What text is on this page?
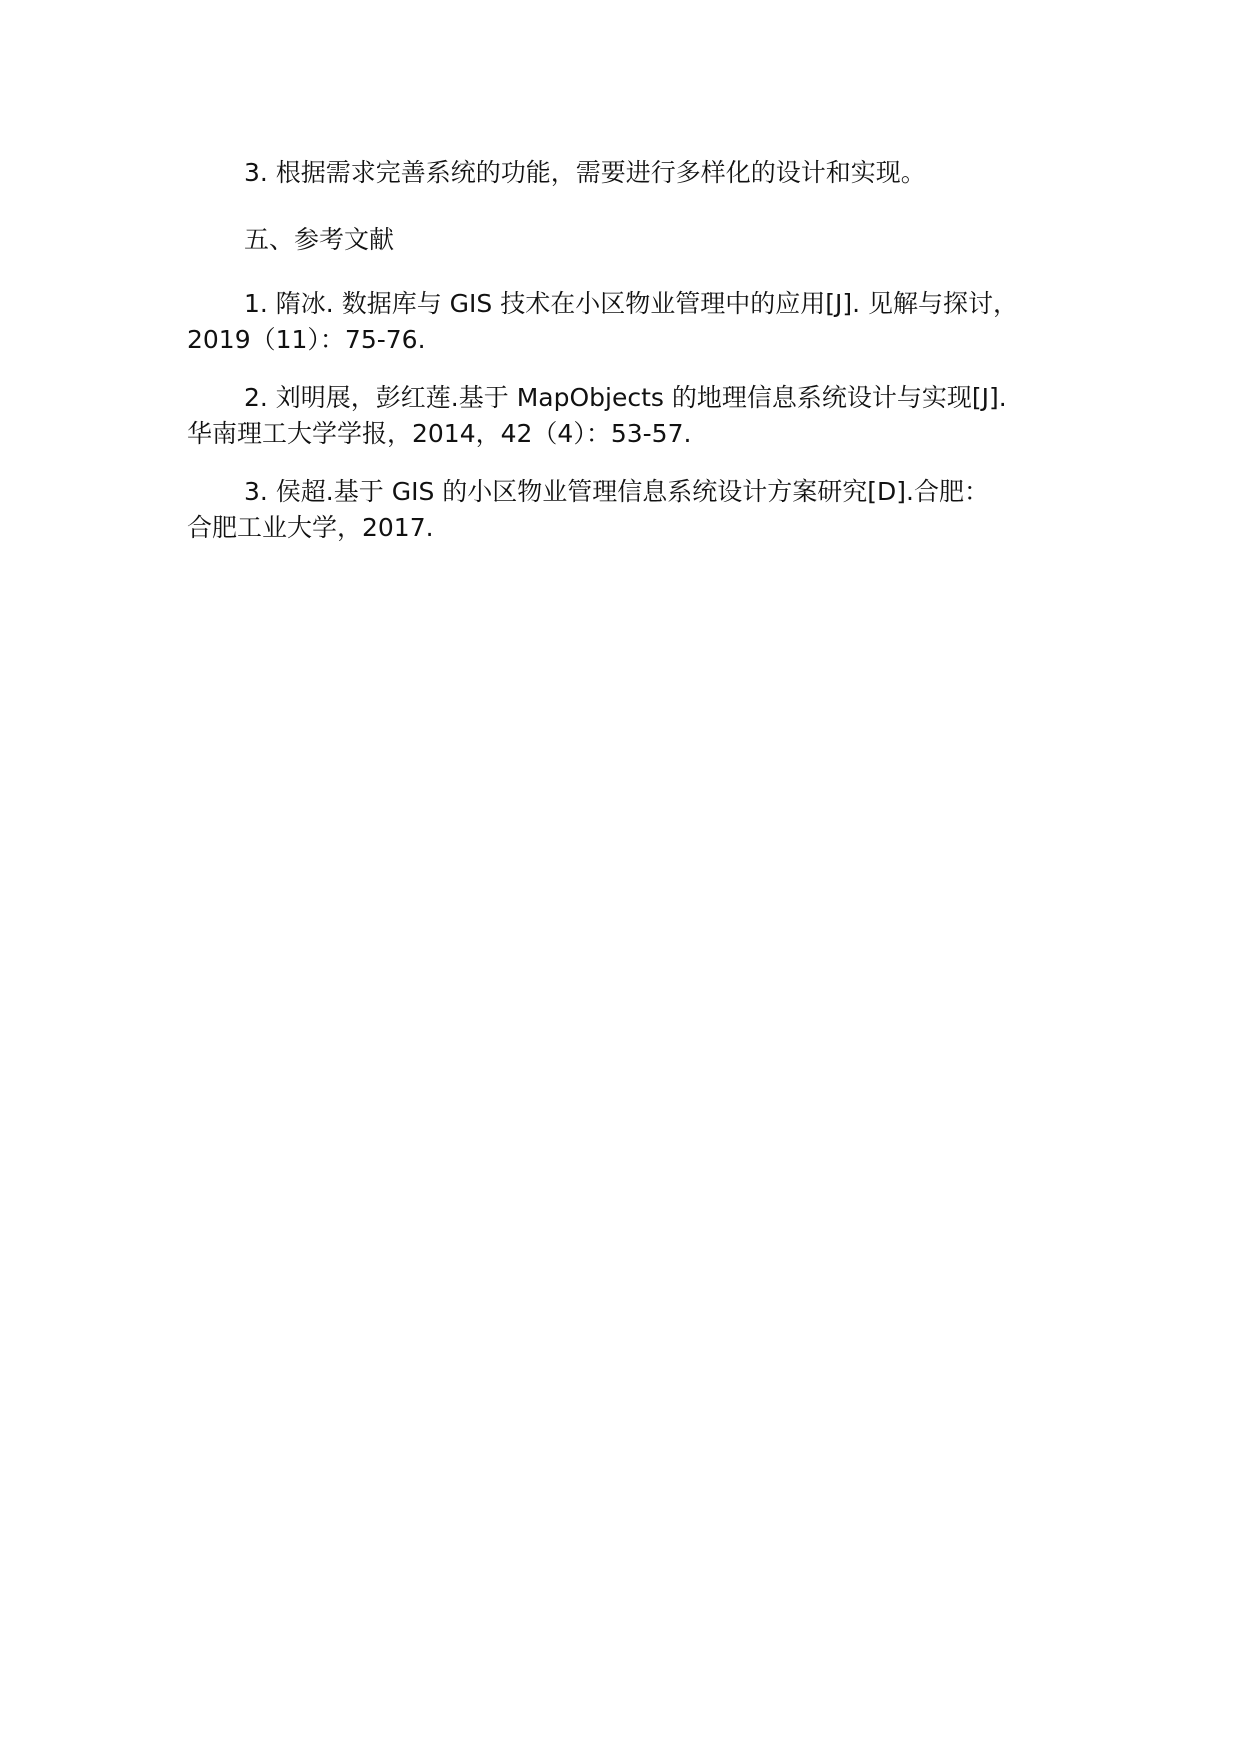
3. 根据需求完善系统的功能，需要进行多样化的设计和实现。

五、参考文献

1. 隋冰. 数据库与 GIS 技术在小区物业管理中的应用[J]. 见解与探讨，
2019（11）：75-76.
2. 刘明展，彭红莲.基于 MapObjects 的地理信息系统设计与实现[J].
华南理工大学学报，2014，42（4）：53-57.
3. 侯超.基于 GIS 的小区物业管理信息系统设计方案研究[D].合肥：
合肥工业大学，2017.
